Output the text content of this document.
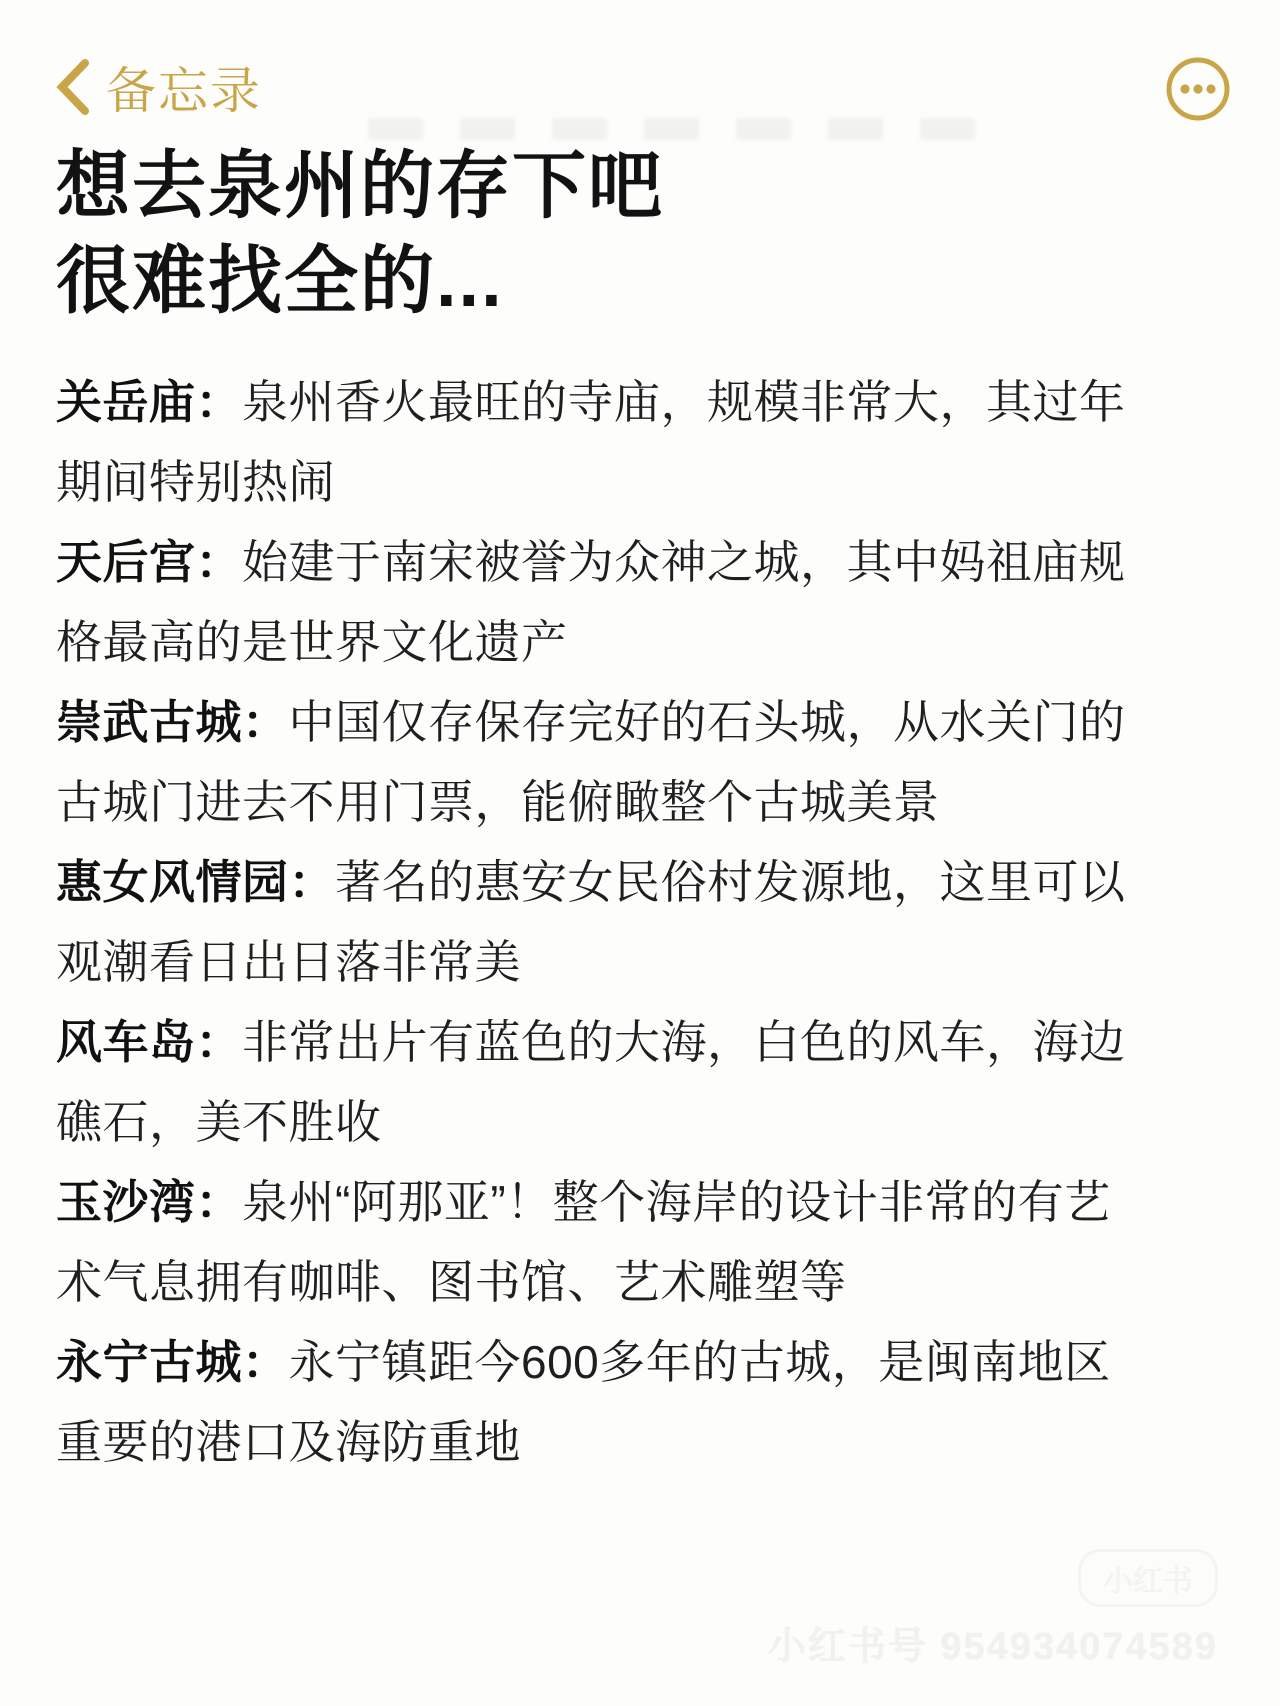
备忘录
想去泉州的存下吧
很难找全的...

关岳庙：泉州香火最旺的寺庙，规模非常大，其过年期间特别热闹

天后宫：始建于南宋被誉为众神之城，其中妈祖庙规格最高的是世界文化遗产

崇武古城：中国仅存保存完好的石头城，从水关门的古城门进去不用门票，能俯瞰整个古城美景

惠女风情园：著名的惠安女民俗村发源地，这里可以观潮看日出日落非常美

风车岛：非常出片有蓝色的大海，白色的风车，海边礁石，美不胜收

玉沙湾：泉州“阿那亚”！整个海岸的设计非常的有艺术气息拥有咖啡、图书馆、艺术雕塑等

永宁古城：永宁镇距今600多年的古城，是闽南地区重要的港口及海防重地

小红书
小红书号 954934074589
